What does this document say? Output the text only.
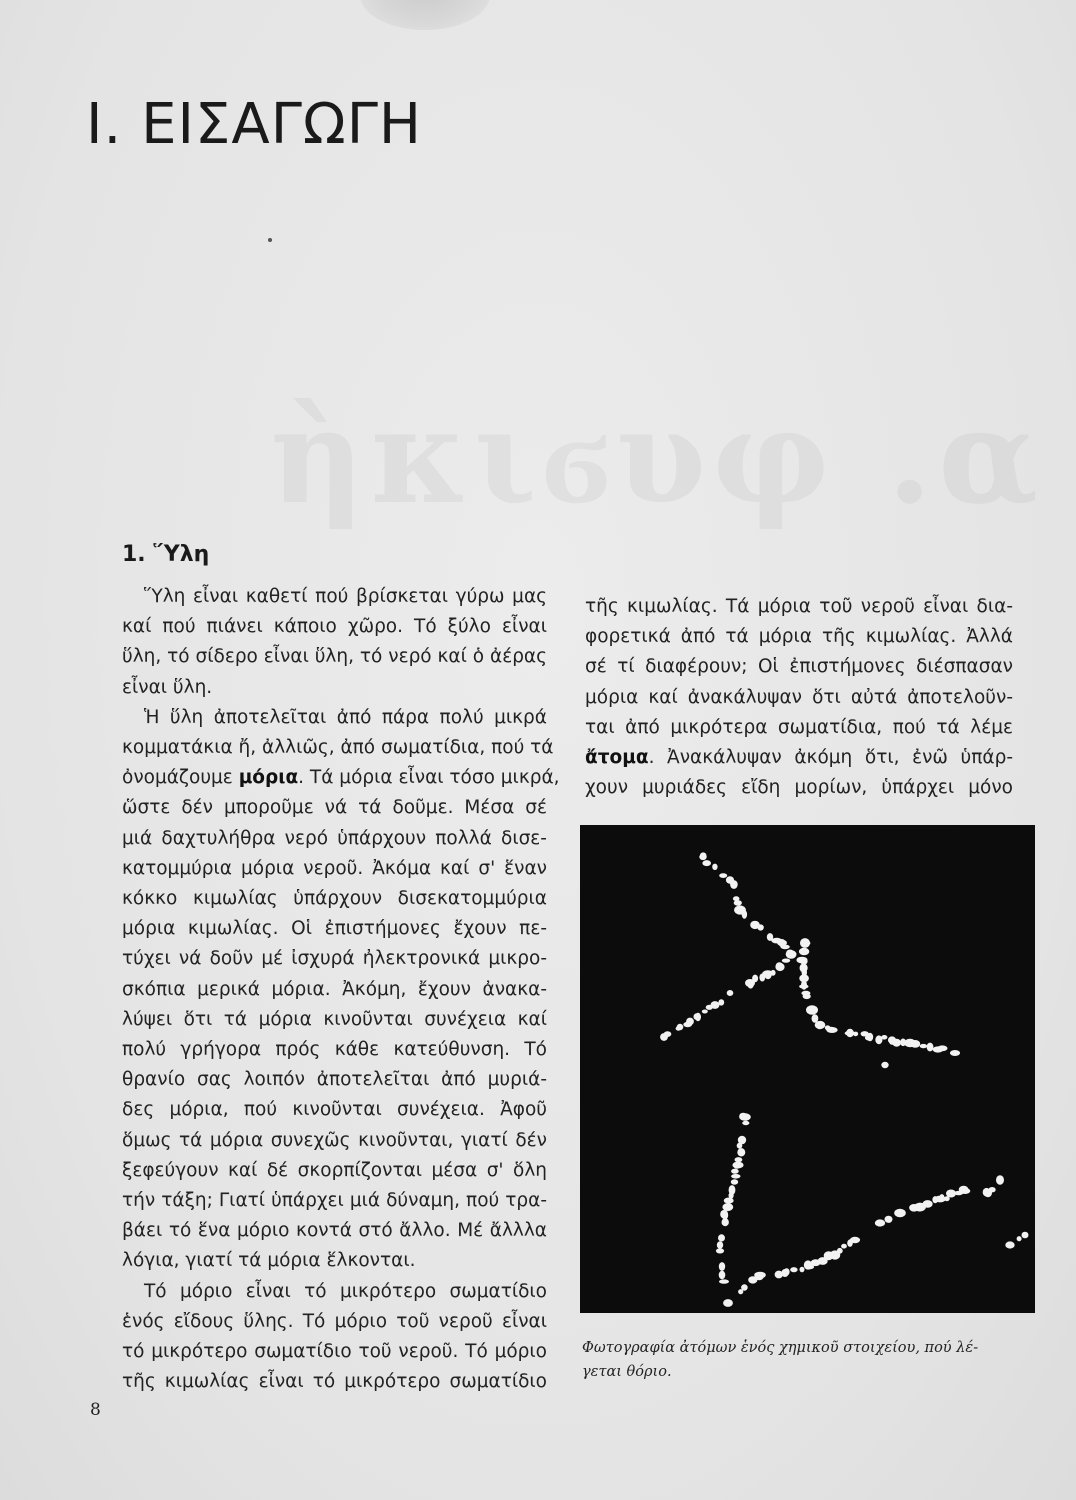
I. ΕΙΣΑΓΩΓΗ
1. Ὕλη
Ὕλη εἶναι καθετί πού βρίσκεται γύρω μας
καί πού πιάνει κάποιο χῶρο. Τό ξύλο εἶναι
ὕλη, τό σίδερο εἶναι ὕλη, τό νερό καί ὁ ἀέρας
εἶναι ὕλη.
Ἡ ὕλη ἀποτελεῖται ἀπό πάρα πολύ μικρά
κομματάκια ἤ, ἀλλιῶς, ἀπό σωματίδια, πού τά
ὀνομάζουμε μόρια. Τά μόρια εἶναι τόσο μικρά,
ὥστε δέν μποροῦμε νά τά δοῦμε. Μέσα σέ
μιά δαχτυλήθρα νερό ὑπάρχουν πολλά δισε-
κατομμύρια μόρια νεροῦ. Ἀκόμα καί σ' ἕναν
κόκκο κιμωλίας ὑπάρχουν δισεκατομμύρια
μόρια κιμωλίας. Οἱ ἐπιστήμονες ἔχουν πε-
τύχει νά δοῦν μέ ἰσχυρά ἠλεκτρονικά μικρο-
σκόπια μερικά μόρια. Ἀκόμη, ἔχουν ἀνακα-
λύψει ὅτι τά μόρια κινοῦνται συνέχεια καί
πολύ γρήγορα πρός κάθε κατεύθυνση. Τό
θρανίο σας λοιπόν ἀποτελεῖται ἀπό μυριά-
δες μόρια, πού κινοῦνται συνέχεια. Ἀφοῦ
ὅμως τά μόρια συνεχῶς κινοῦνται, γιατί δέν
ξεφεύγουν καί δέ σκορπίζονται μέσα σ' ὅλη
τήν τάξη; Γιατί ὑπάρχει μιά δύναμη, πού τρα-
βάει τό ἕνα μόριο κοντά στό ἄλλο. Μέ ἄλλλα
λόγια, γιατί τά μόρια ἕλκονται.
Τό μόριο εἶναι τό μικρότερο σωματίδιο
ἑνός εἴδους ὕλης. Τό μόριο τοῦ νεροῦ εἶναι
τό μικρότερο σωματίδιο τοῦ νεροῦ. Τό μόριο
τῆς κιμωλίας εἶναι τό μικρότερο σωματίδιο
τῆς κιμωλίας. Τά μόρια τοῦ νεροῦ εἶναι δια-
φορετικά ἀπό τά μόρια τῆς κιμωλίας. Ἀλλά
σέ τί διαφέρουν; Οἱ ἐπιστήμονες διέσπασαν
μόρια καί ἀνακάλυψαν ὅτι αὐτά ἀποτελοῦν-
ται ἀπό μικρότερα σωματίδια, πού τά λέμε
ἄτομα. Ἀνακάλυψαν ἀκόμη ὅτι, ἐνῶ ὑπάρ-
χουν μυριάδες εἴδη μορίων, ὑπάρχει μόνο
Φωτογραφία ἀτόμων ἑνός χημικοῦ στοιχείου, πού λέ-
γεται θόριο.
8
